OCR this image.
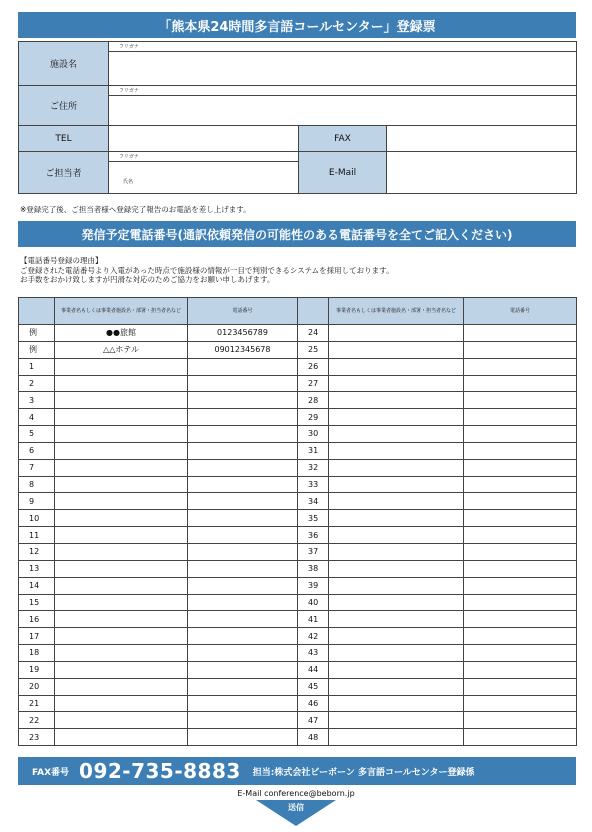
「熊本県24時間多言語コールセンター」登録票
施設名	フリガナ		

ご住所	フリガナ		

TEL		FAX	
ご担当者	フリガナ	E-Mail	
	氏名		
※登録完了後、ご担当者様へ登録完了報告のお電話を差し上げます。
発信予定電話番号(通訳依頼発信の可能性のある電話番号を全てご記入ください)
【電話番号登録の理由】
ご登録された電話番号より入電があった時点で施設様の情報が一目で判別できるシステムを採用しております。
お手数をおかけ致しますが円滑な対応のためご協力をお願い申しあげます。
	事業者名もしくは事業者施設名・部署・担当者名など	電話番号		事業者名もしくは事業者施設名・部署・担当者名など	電話番号
例	●●旅館	0123456789	24		
例	△△ホテル	09012345678	25		
1			26		
2			27		
3			28		
4			29		
5			30		
6			31		
7			32		
8			33		
9			34		
10			35		
11			36		
12			37		
13			38		
14			39		
15			40		
16			41		
17			42		
18			43		
19			44		
20			45		
21			46		
22			47		
23			48		
FAX番号 092-735-8883 担当:株式会社ビーボーン 多言語コールセンター登録係
E-Mail conference@beborn.jp
送信
